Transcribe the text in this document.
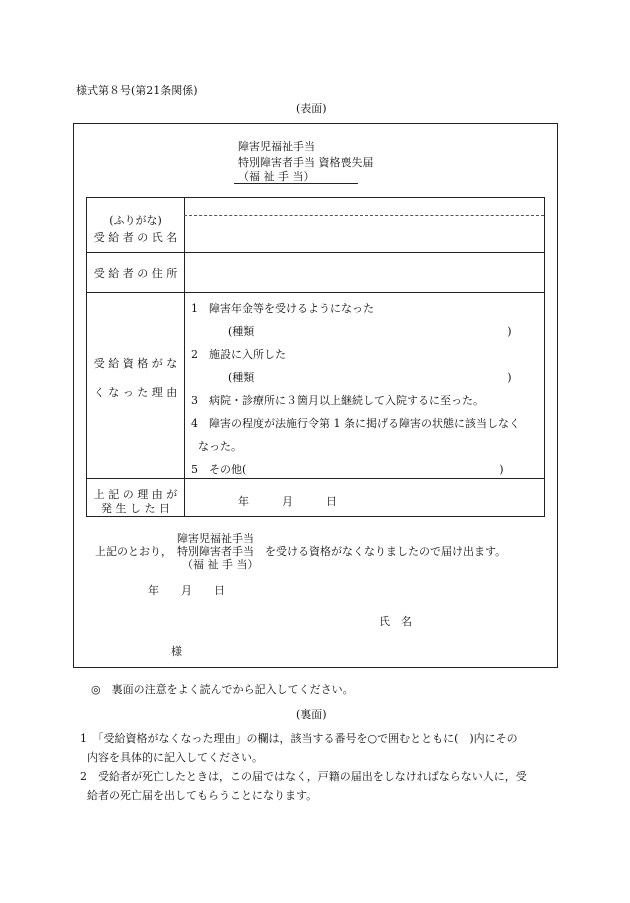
様式第８号(第21条関係)
(表面)
障害児福祉手当
特別障害者手当 資格喪失届
（福 祉 手 当）
(ふりがな)
受 給 者 の 氏 名
受 給 者 の 住 所
受 給 資 格 が な
く な っ た 理 由
1　障害年金等を受けるようになった
(種類　　　　　　　　　　　　　　　　　　　　　　　)
2　施設に入所した
(種類　　　　　　　　　　　　　　　　　　　　　　　)
3　病院・診療所に３箇月以上継続して入院するに至った。
4　障害の程度が法施行令第 1 条に掲げる障害の状態に該当しなく
なった。
5　その他(　　　　　　　　　　　　　　　　　　　　　　　)
上 記 の 理 由 が
発 生 し た 日
年　　　月　　　日
障害児福祉手当
上記のとおり， 特別障害者手当 を受ける資格がなくなりましたので届け出ます。
（福 祉 手 当）
年　　月　　日
氏　名
様
◎　裏面の注意をよく読んでから記入してください。
(裏面)
1　「受給資格がなくなった理由」の欄は，該当する番号を○で囲むとともに(　)内にその
内容を具体的に記入してください。
2　受給者が死亡したときは，この届ではなく，戸籍の届出をしなければならない人に，受
給者の死亡届を出してもらうことになります。
